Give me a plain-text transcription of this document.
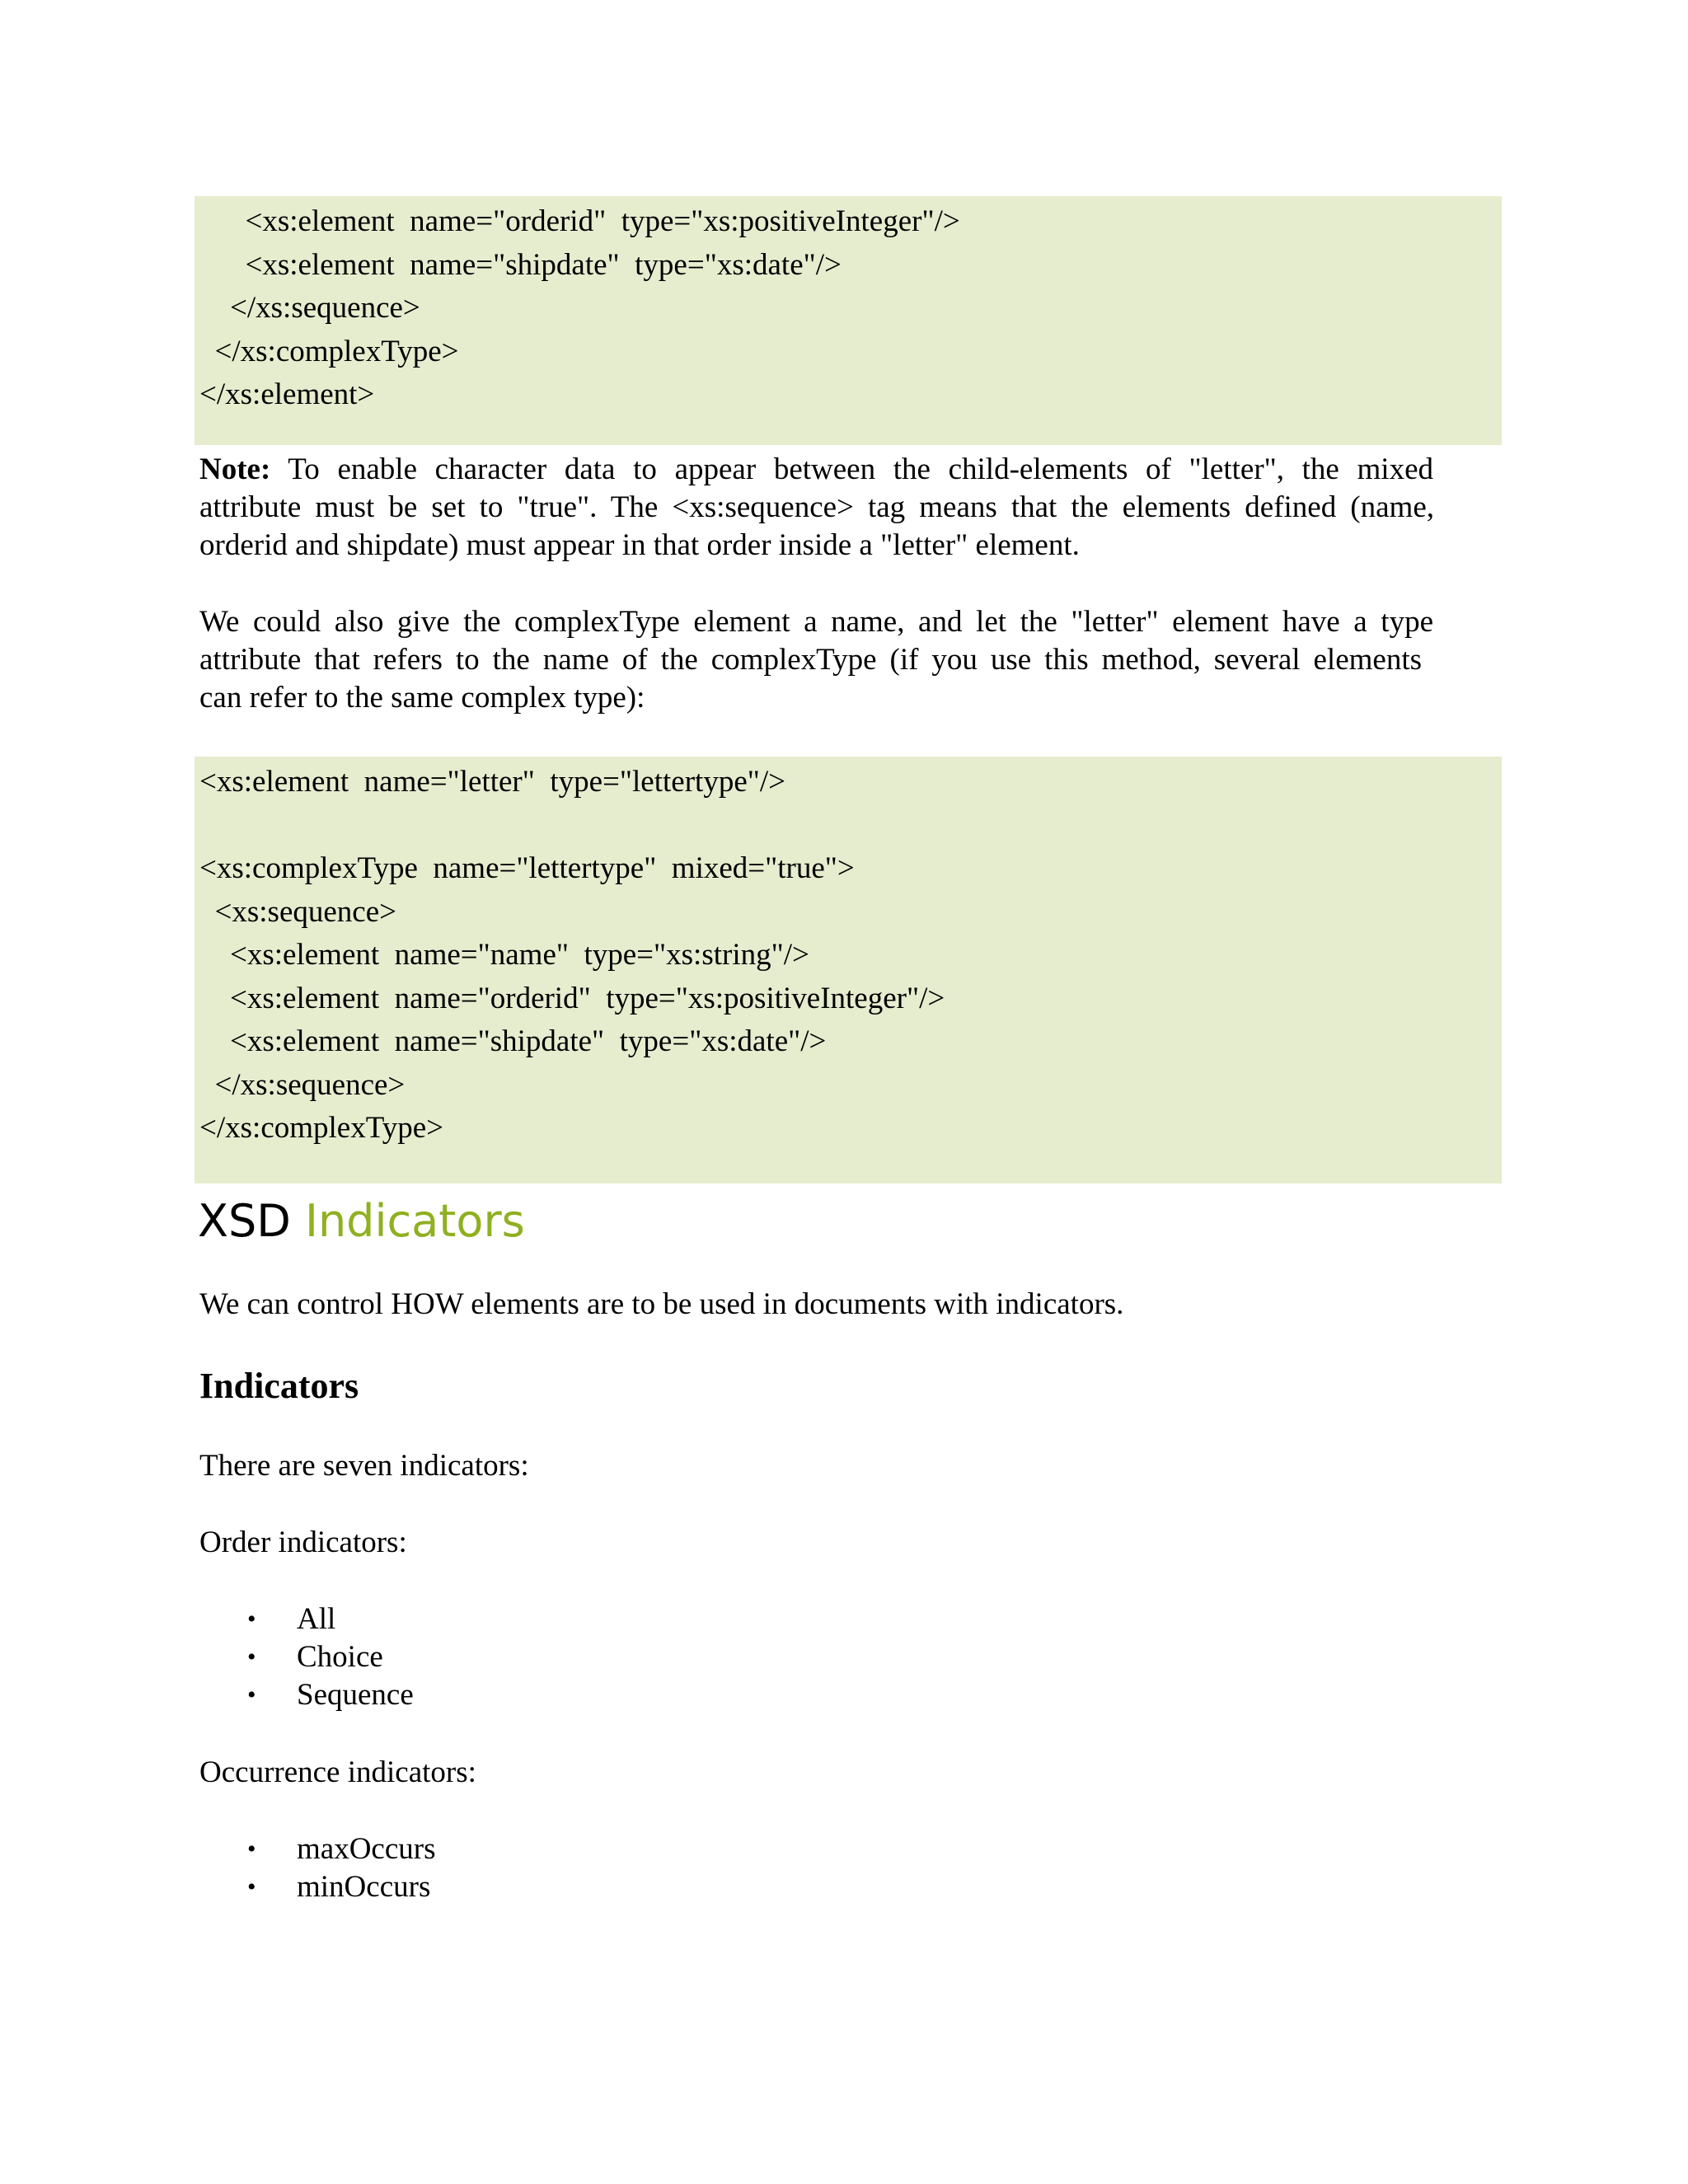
<xs:element  name="orderid"  type="xs:positiveInteger"/>
<xs:element  name="shipdate"  type="xs:date"/>
</xs:sequence>
</xs:complexType>
</xs:element>
Note: To enable character data to appear between the child-elements of "letter", the mixed
attribute must be set to "true". The <xs:sequence> tag means that the elements defined (name,
orderid and shipdate) must appear in that order inside a "letter" element.
We could also give the complexType element a name, and let the "letter" element have a type
attribute that refers to the name of the complexType (if you use this method, several elements
can refer to the same complex type):
<xs:element  name="letter"  type="lettertype"/>
<xs:complexType  name="lettertype"  mixed="true">
<xs:sequence>
<xs:element  name="name"  type="xs:string"/>
<xs:element  name="orderid"  type="xs:positiveInteger"/>
<xs:element  name="shipdate"  type="xs:date"/>
</xs:sequence>
</xs:complexType>
XSD Indicators
We can control HOW elements are to be used in documents with indicators.
Indicators
There are seven indicators:
Order indicators:
• All
• Choice
• Sequence
Occurrence indicators:
• maxOccurs
• minOccurs
